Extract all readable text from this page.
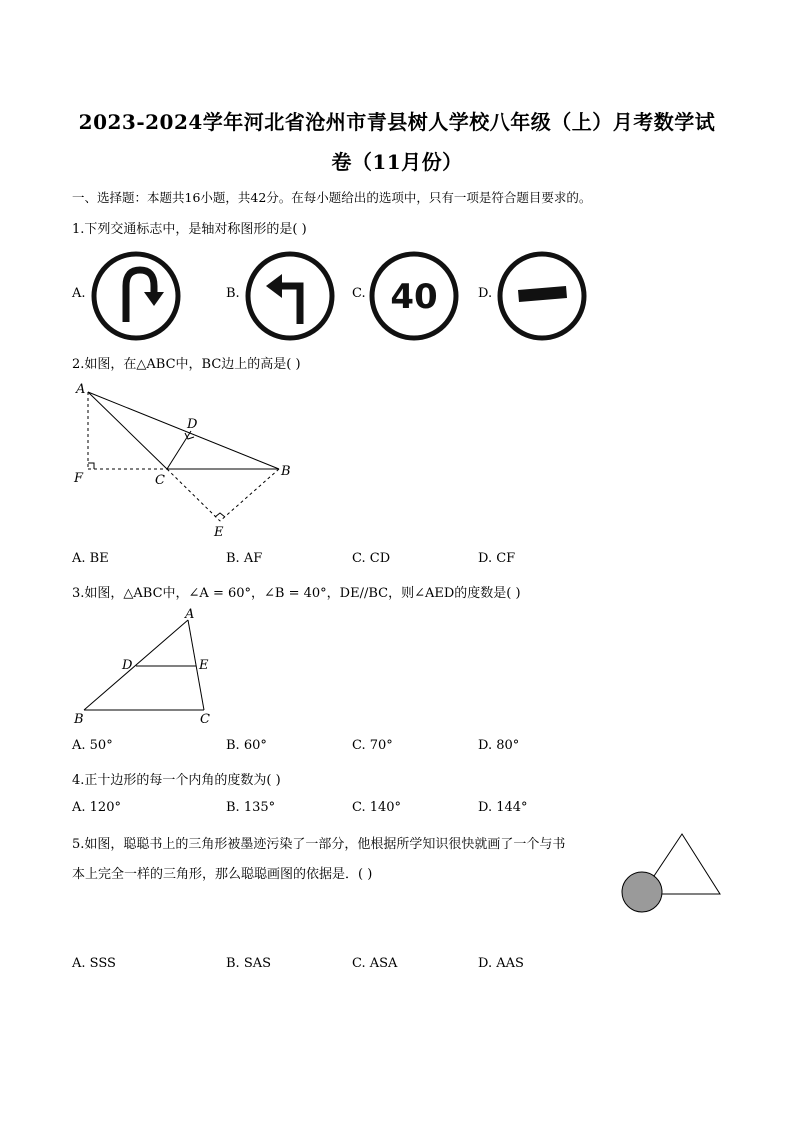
2023-2024学年河北省沧州市青县树人学校八年级（上）月考数学试
卷（11月份）
一、选择题：本题共16小题，共42分。在每小题给出的选项中，只有一项是符合题目要求的。
1.下列交通标志中，是轴对称图形的是( )
A.	B.	C. 40	D.
2.如图，在△ABC中，BC边上的高是( )
A
D
F	C
B
E
A. BE	B. AF	C. CD	D. CF
3.如图，△ABC中，∠A = 60°，∠B = 40°，DE//BC，则∠AED的度数是( )
A
D	E
B	C
A. 50°	B. 60°	C. 70°	D. 80°
4.正十边形的每一个内角的度数为( )
A. 120°	B. 135°	C. 140°	D. 144°
5.如图，聪聪书上的三角形被墨迹污染了一部分，他根据所学知识很快就画了一个与书
本上完全一样的三角形，那么聪聪画图的依据是．( )
A. SSS	B. SAS	C. ASA	D. AAS
